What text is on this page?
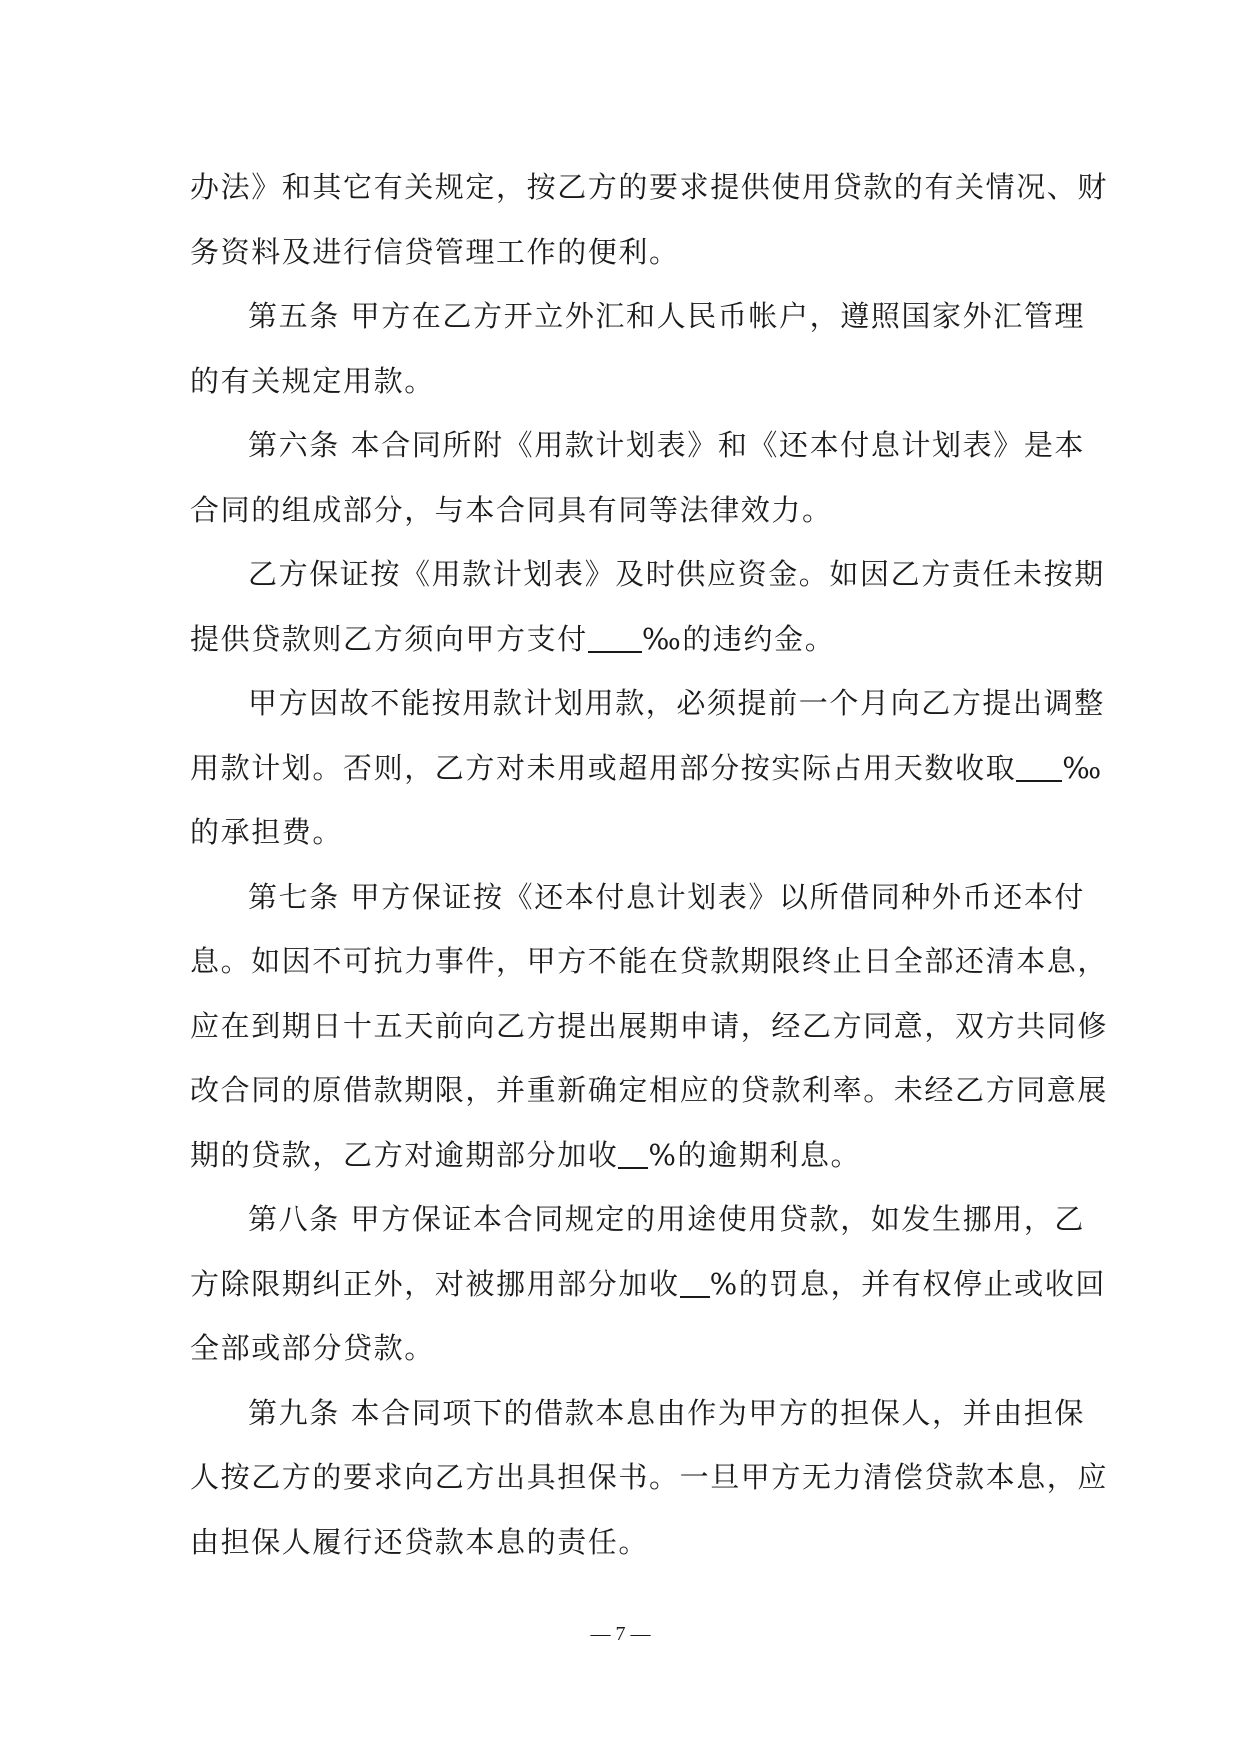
办法》和其它有关规定，按乙方的要求提供使用贷款的有关情况、财
务资料及进行信贷管理工作的便利。
第五条 甲方在乙方开立外汇和人民币帐户，遵照国家外汇管理
的有关规定用款。
第六条 本合同所附《用款计划表》和《还本付息计划表》是本
合同的组成部分，与本合同具有同等法律效力。
乙方保证按《用款计划表》及时供应资金。如因乙方责任未按期
提供贷款则乙方须向甲方支付 ‰的违约金。
甲方因故不能按用款计划用款，必须提前一个月向乙方提出调整
用款计划。否则，乙方对未用或超用部分按实际占用天数收取 ‰
的承担费。
第七条 甲方保证按《还本付息计划表》以所借同种外币还本付
息。如因不可抗力事件，甲方不能在贷款期限终止日全部还清本息，
应在到期日十五天前向乙方提出展期申请，经乙方同意，双方共同修
改合同的原借款期限，并重新确定相应的贷款利率。未经乙方同意展
期的贷款，乙方对逾期部分加收 %的逾期利息。
第八条 甲方保证本合同规定的用途使用贷款，如发生挪用，乙
方除限期纠正外，对被挪用部分加收 %的罚息，并有权停止或收回
全部或部分贷款。
第九条 本合同项下的借款本息由作为甲方的担保人，并由担保
人按乙方的要求向乙方出具担保书。一旦甲方无力清偿贷款本息，应
由担保人履行还贷款本息的责任。
— 7 —
